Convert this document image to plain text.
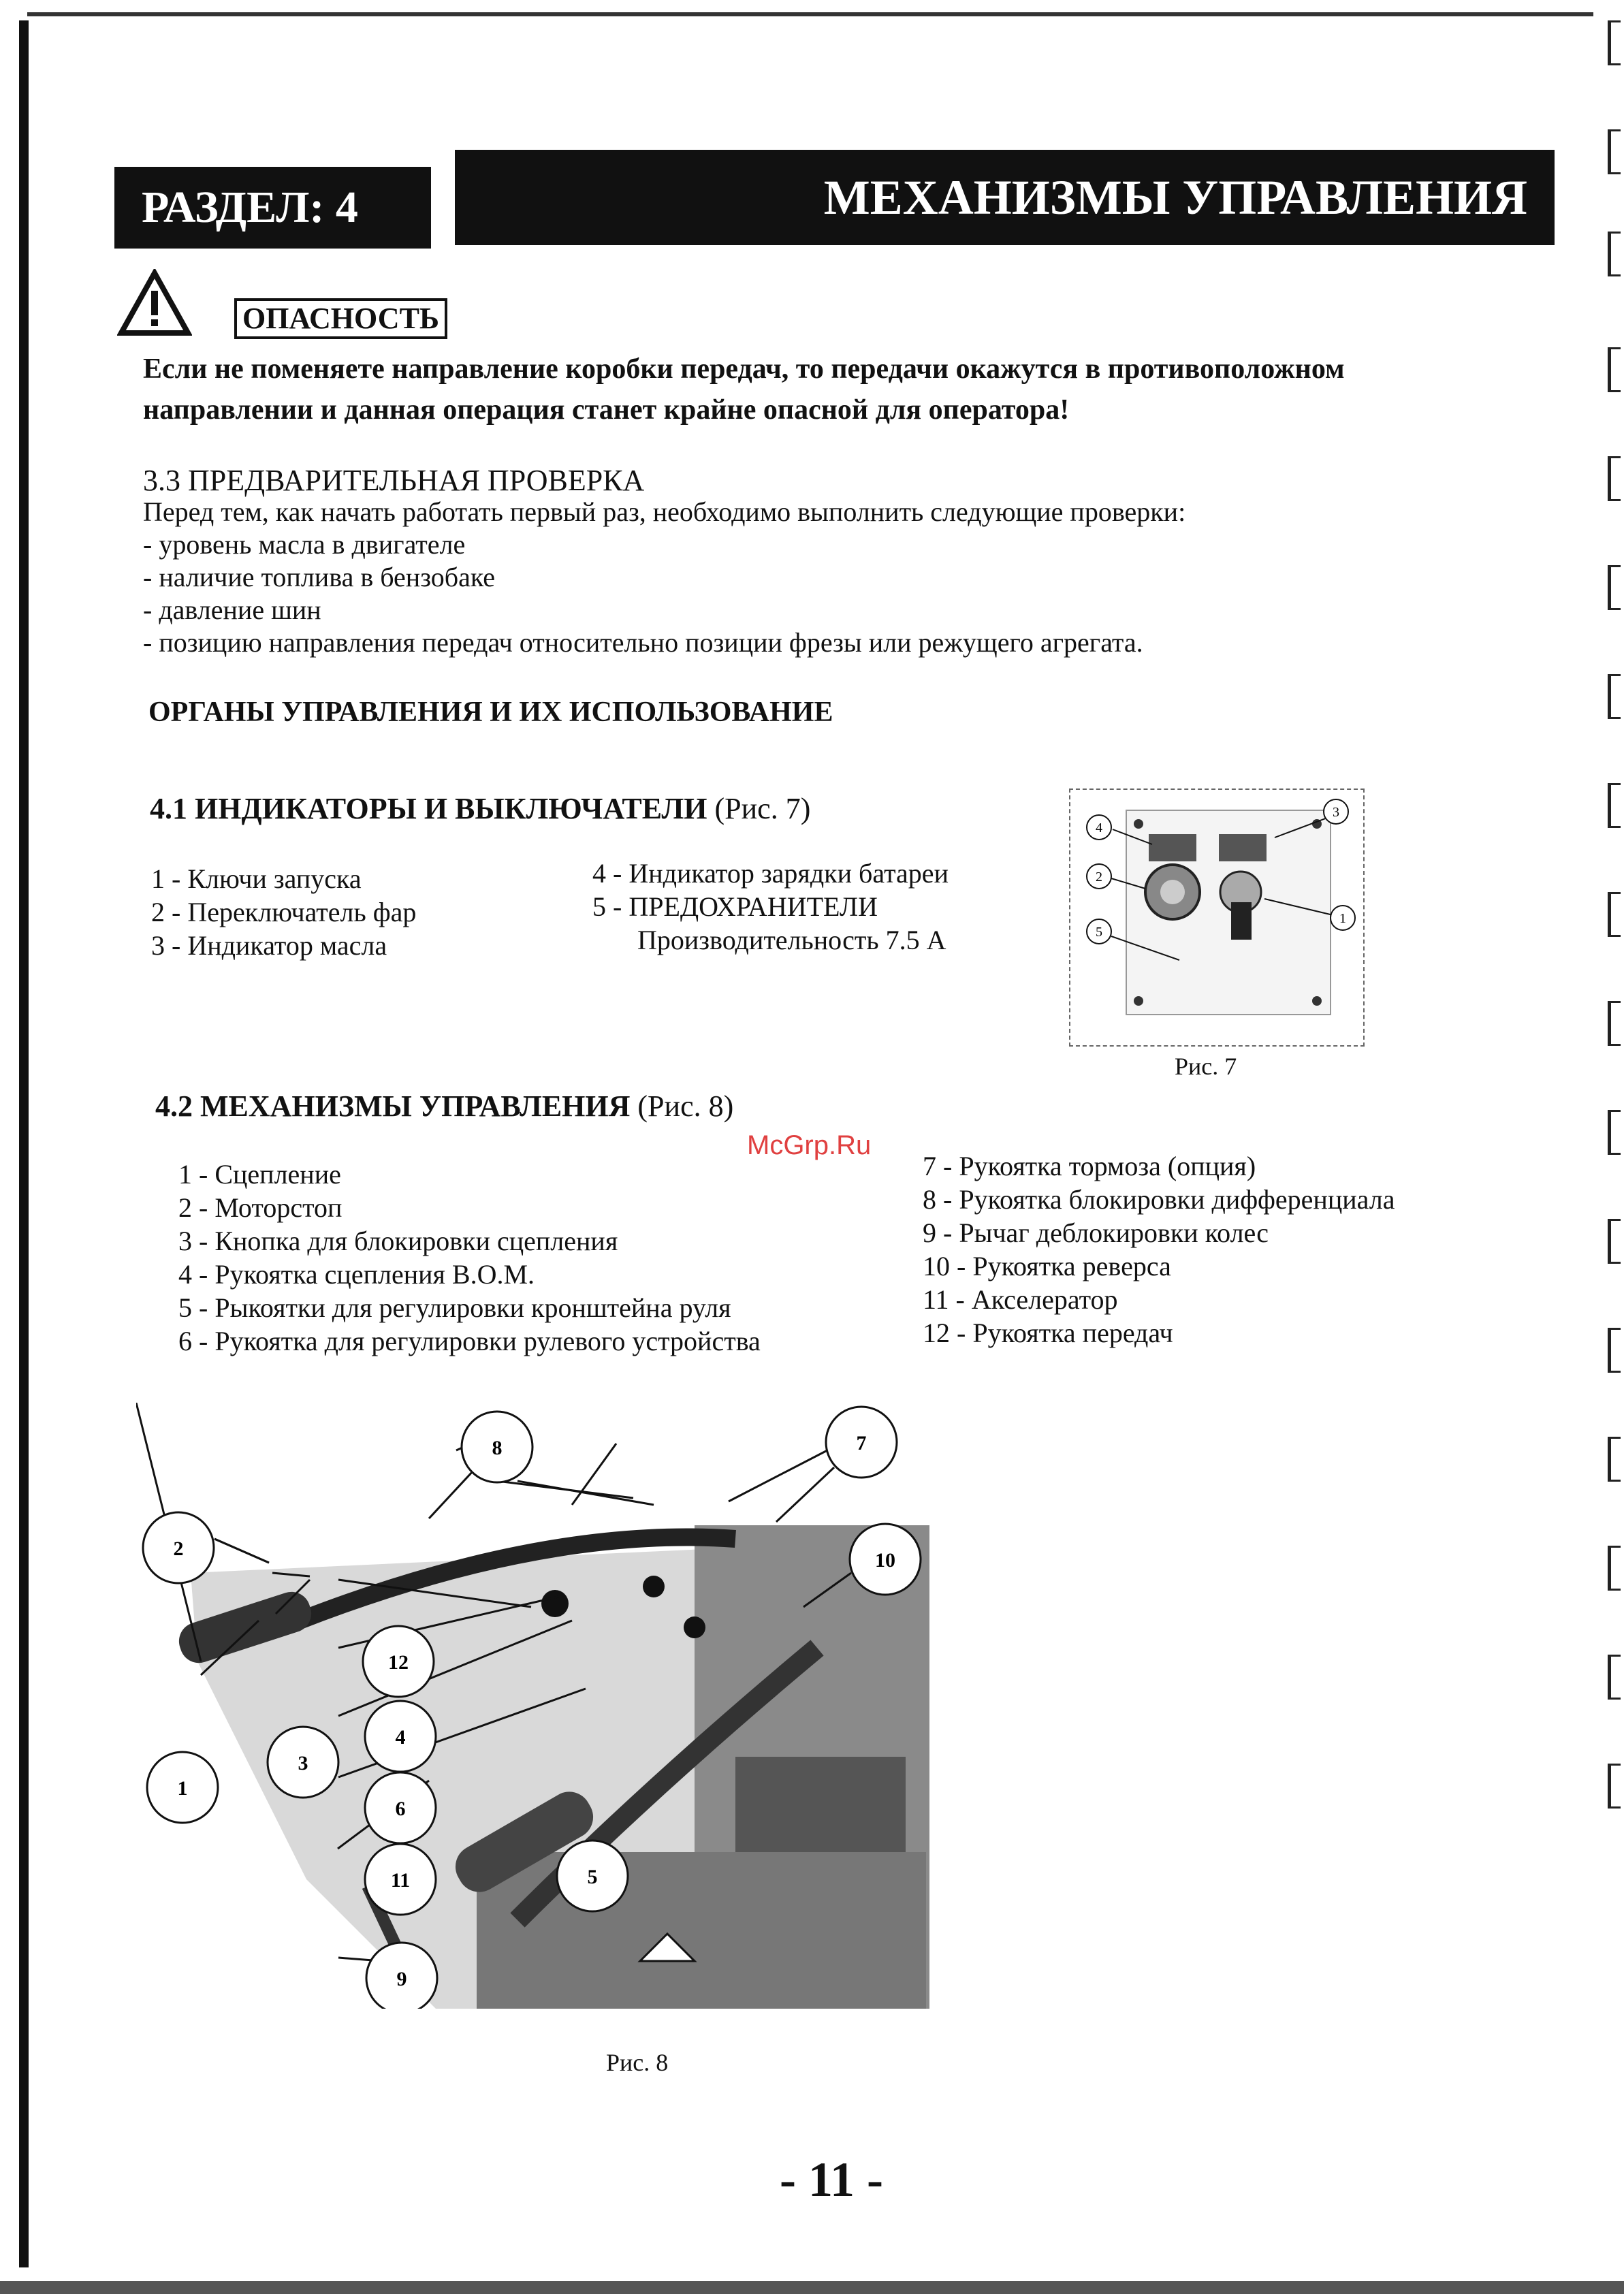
РАЗДЕЛ: 4	МЕХАНИЗМЫ УПРАВЛЕНИЯ
ОПАСНОСТЬ
Если не поменяете направление коробки передач, то передачи окажутся в противоположном
направлении и данная операция станет крайне опасной для оператора!
3.3 ПРЕДВАРИТЕЛЬНАЯ ПРОВЕРКА
Перед тем, как начать работать первый раз, необходимо выполнить следующие проверки:
- уровень масла в двигателе
- наличие топлива в бензобаке
- давление шин
- позицию направления передач относительно позиции фрезы или режущего агрегата.
ОРГАНЫ УПРАВЛЕНИЯ И ИХ ИСПОЛЬЗОВАНИЕ
4.1 ИНДИКАТОРЫ И ВЫКЛЮЧАТЕЛИ (Рис. 7)
1 - Ключи запуска
2 - Переключатель фар
3 - Индикатор масла
4 - Индикатор зарядки батареи
5 - ПРЕДОХРАНИТЕЛИ
Производительность 7.5 А
3
4
2
5
1
Рис. 7
4.2 МЕХАНИЗМЫ УПРАВЛЕНИЯ (Рис. 8)
McGrp.Ru
1 - Сцепление
2 - Моторстоп
3 - Кнопка для блокировки сцепления
4 - Рукоятка сцепления В.О.М.
5 - Рыкоятки для регулировки кронштейна руля
6 - Рукоятка для регулировки рулевого устройства
7 - Рукоятка тормоза (опция)
8 - Рукоятка блокировки дифференциала
9 - Рычаг деблокировки колес
10 - Рукоятка реверса
11 - Акселератор
12 - Рукоятка передач
2
1
3
12
4
6
11
9
5
8	7
10
Рис. 8
- 11 -
